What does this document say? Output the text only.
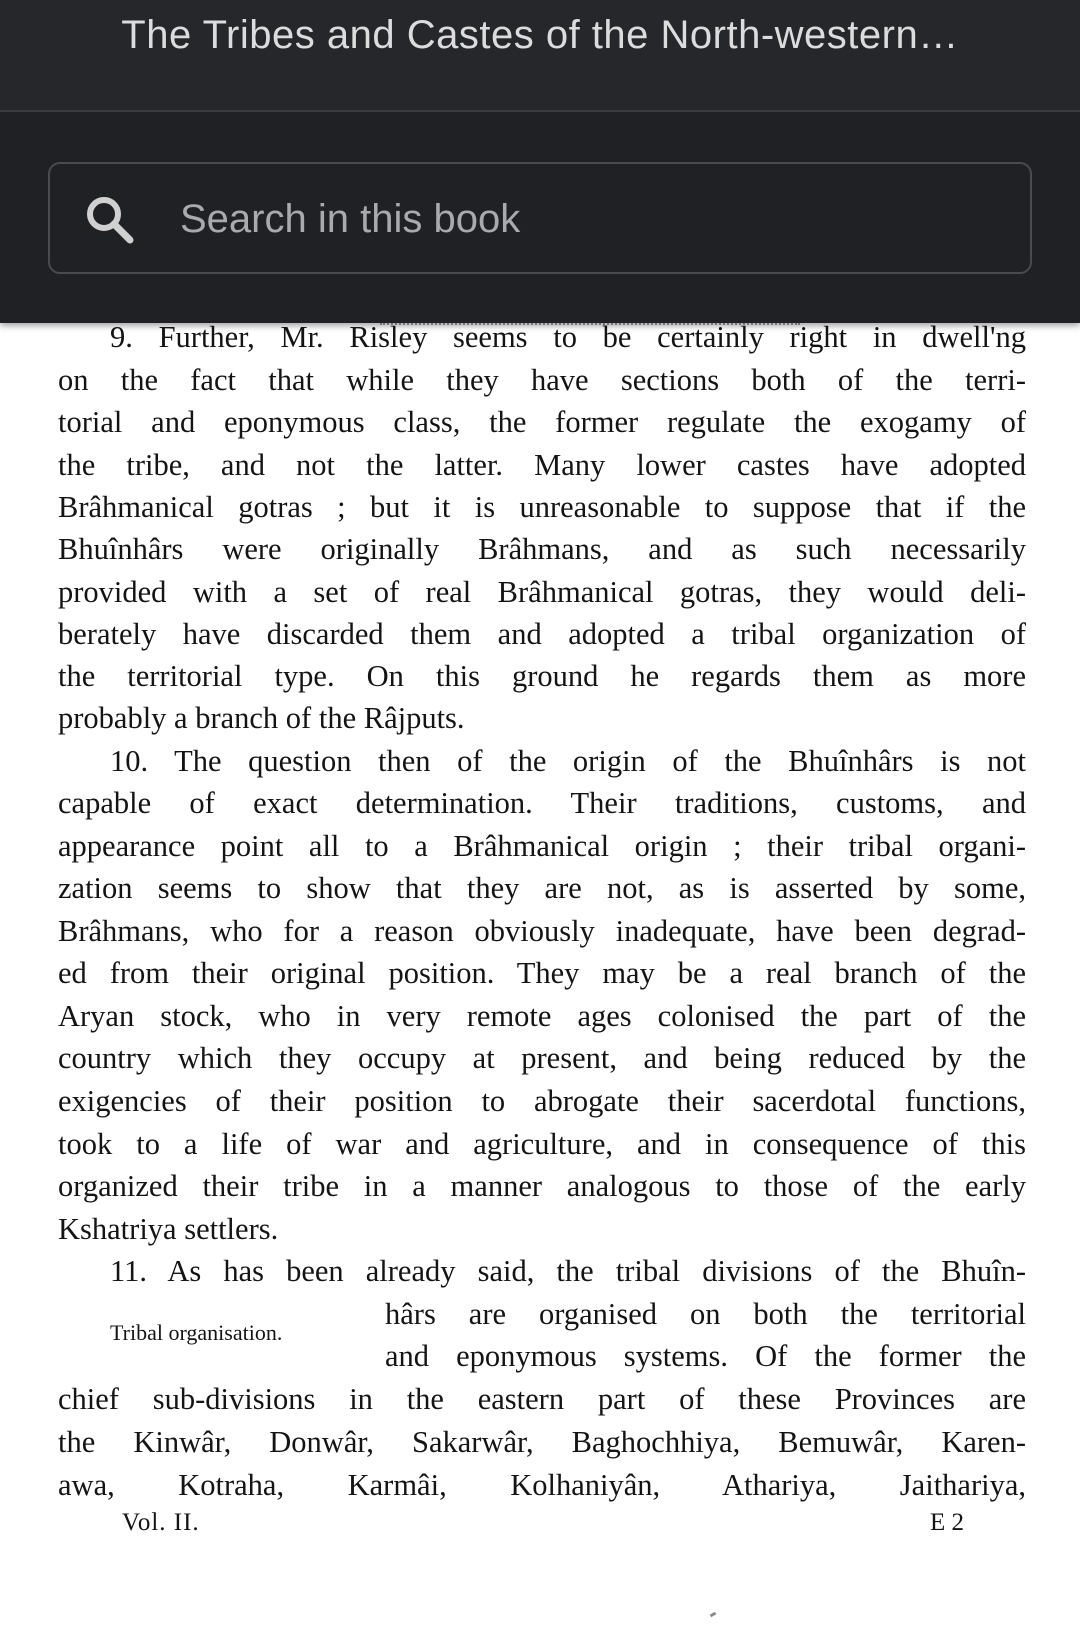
The Tribes and Castes of the North-western…
Search in this book
9. Further, Mr. Risley seems to be certainly right in dwell'ng
on the fact that while they have sections both of the terri-
torial and eponymous class, the former regulate the exogamy of
the tribe, and not the latter. Many lower castes have adopted
Brâhmanical gotras ; but it is unreasonable to suppose that if the
Bhuînhârs were originally Brâhmans, and as such necessarily
provided with a set of real Brâhmanical gotras, they would deli-
berately have discarded them and adopted a tribal organization of
the territorial type. On this ground he regards them as more
probably a branch of the Râjputs.
10. The question then of the origin of the Bhuînhârs is not
capable of exact determination. Their traditions, customs, and
appearance point all to a Brâhmanical origin ; their tribal organi-
zation seems to show that they are not, as is asserted by some,
Brâhmans, who for a reason obviously inadequate, have been degrad-
ed from their original position. They may be a real branch of the
Aryan stock, who in very remote ages colonised the part of the
country which they occupy at present, and being reduced by the
exigencies of their position to abrogate their sacerdotal functions,
took to a life of war and agriculture, and in consequence of this
organized their tribe in a manner analogous to those of the early
Kshatriya settlers.
11. As has been already said, the tribal divisions of the Bhuîn-
hârs are organised on both the territorial
and eponymous systems. Of the former the
Tribal organisation.
chief sub-divisions in the eastern part of these Provinces are
the Kinwâr, Donwâr, Sakarwâr, Baghochhiya, Bemuwâr, Karen-
awa, Kotraha, Karmâi, Kolhaniyân, Athariya, Jaithariya,
Vol. II.	E 2
